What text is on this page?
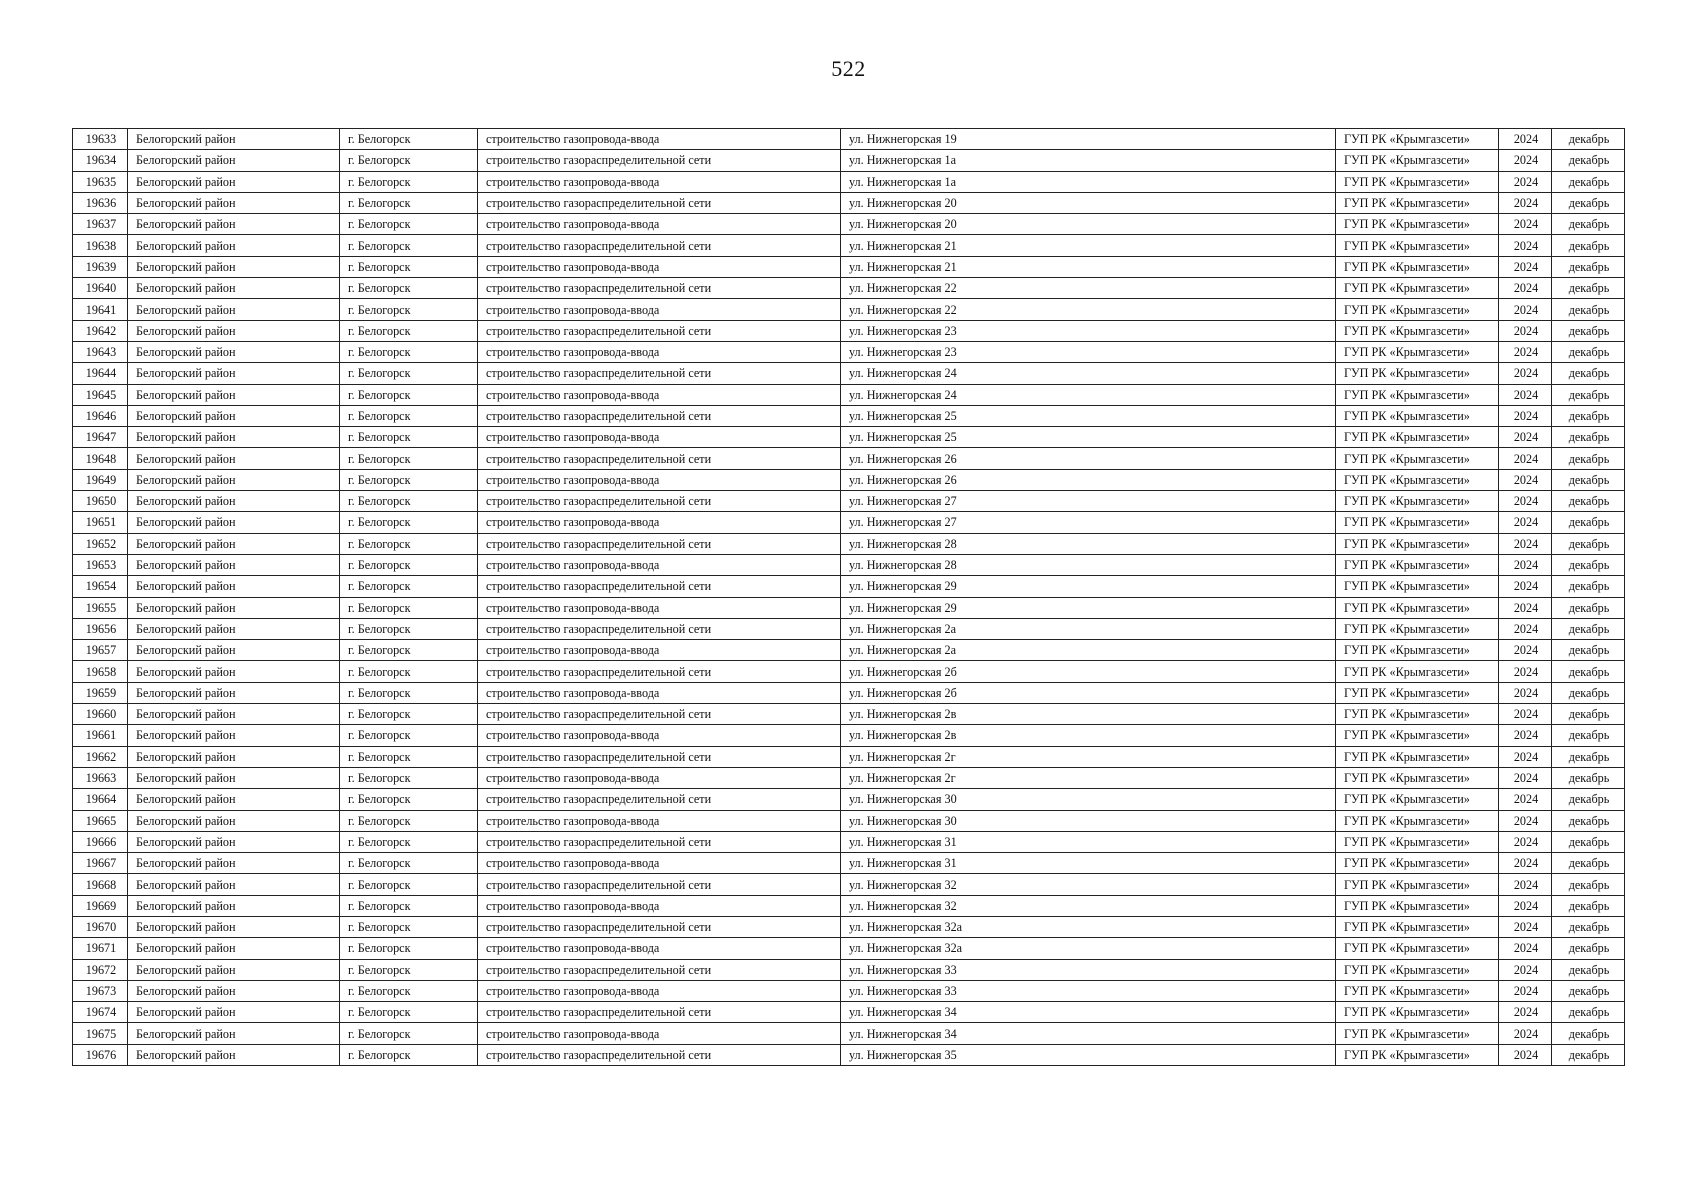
522
19633	Белогорский район	г. Белогорск	строительство газопровода-ввода	ул. Нижнегорская 19	ГУП РК «Крымгазсети»	2024	декабрь
19634	Белогорский район	г. Белогорск	строительство газораспределительной сети	ул. Нижнегорская 1а	ГУП РК «Крымгазсети»	2024	декабрь
19635	Белогорский район	г. Белогорск	строительство газопровода-ввода	ул. Нижнегорская 1а	ГУП РК «Крымгазсети»	2024	декабрь
19636	Белогорский район	г. Белогорск	строительство газораспределительной сети	ул. Нижнегорская 20	ГУП РК «Крымгазсети»	2024	декабрь
19637	Белогорский район	г. Белогорск	строительство газопровода-ввода	ул. Нижнегорская 20	ГУП РК «Крымгазсети»	2024	декабрь
19638	Белогорский район	г. Белогорск	строительство газораспределительной сети	ул. Нижнегорская 21	ГУП РК «Крымгазсети»	2024	декабрь
19639	Белогорский район	г. Белогорск	строительство газопровода-ввода	ул. Нижнегорская 21	ГУП РК «Крымгазсети»	2024	декабрь
19640	Белогорский район	г. Белогорск	строительство газораспределительной сети	ул. Нижнегорская 22	ГУП РК «Крымгазсети»	2024	декабрь
19641	Белогорский район	г. Белогорск	строительство газопровода-ввода	ул. Нижнегорская 22	ГУП РК «Крымгазсети»	2024	декабрь
19642	Белогорский район	г. Белогорск	строительство газораспределительной сети	ул. Нижнегорская 23	ГУП РК «Крымгазсети»	2024	декабрь
19643	Белогорский район	г. Белогорск	строительство газопровода-ввода	ул. Нижнегорская 23	ГУП РК «Крымгазсети»	2024	декабрь
19644	Белогорский район	г. Белогорск	строительство газораспределительной сети	ул. Нижнегорская 24	ГУП РК «Крымгазсети»	2024	декабрь
19645	Белогорский район	г. Белогорск	строительство газопровода-ввода	ул. Нижнегорская 24	ГУП РК «Крымгазсети»	2024	декабрь
19646	Белогорский район	г. Белогорск	строительство газораспределительной сети	ул. Нижнегорская 25	ГУП РК «Крымгазсети»	2024	декабрь
19647	Белогорский район	г. Белогорск	строительство газопровода-ввода	ул. Нижнегорская 25	ГУП РК «Крымгазсети»	2024	декабрь
19648	Белогорский район	г. Белогорск	строительство газораспределительной сети	ул. Нижнегорская 26	ГУП РК «Крымгазсети»	2024	декабрь
19649	Белогорский район	г. Белогорск	строительство газопровода-ввода	ул. Нижнегорская 26	ГУП РК «Крымгазсети»	2024	декабрь
19650	Белогорский район	г. Белогорск	строительство газораспределительной сети	ул. Нижнегорская 27	ГУП РК «Крымгазсети»	2024	декабрь
19651	Белогорский район	г. Белогорск	строительство газопровода-ввода	ул. Нижнегорская 27	ГУП РК «Крымгазсети»	2024	декабрь
19652	Белогорский район	г. Белогорск	строительство газораспределительной сети	ул. Нижнегорская 28	ГУП РК «Крымгазсети»	2024	декабрь
19653	Белогорский район	г. Белогорск	строительство газопровода-ввода	ул. Нижнегорская 28	ГУП РК «Крымгазсети»	2024	декабрь
19654	Белогорский район	г. Белогорск	строительство газораспределительной сети	ул. Нижнегорская 29	ГУП РК «Крымгазсети»	2024	декабрь
19655	Белогорский район	г. Белогорск	строительство газопровода-ввода	ул. Нижнегорская 29	ГУП РК «Крымгазсети»	2024	декабрь
19656	Белогорский район	г. Белогорск	строительство газораспределительной сети	ул. Нижнегорская 2а	ГУП РК «Крымгазсети»	2024	декабрь
19657	Белогорский район	г. Белогорск	строительство газопровода-ввода	ул. Нижнегорская 2а	ГУП РК «Крымгазсети»	2024	декабрь
19658	Белогорский район	г. Белогорск	строительство газораспределительной сети	ул. Нижнегорская 2б	ГУП РК «Крымгазсети»	2024	декабрь
19659	Белогорский район	г. Белогорск	строительство газопровода-ввода	ул. Нижнегорская 2б	ГУП РК «Крымгазсети»	2024	декабрь
19660	Белогорский район	г. Белогорск	строительство газораспределительной сети	ул. Нижнегорская 2в	ГУП РК «Крымгазсети»	2024	декабрь
19661	Белогорский район	г. Белогорск	строительство газопровода-ввода	ул. Нижнегорская 2в	ГУП РК «Крымгазсети»	2024	декабрь
19662	Белогорский район	г. Белогорск	строительство газораспределительной сети	ул. Нижнегорская 2г	ГУП РК «Крымгазсети»	2024	декабрь
19663	Белогорский район	г. Белогорск	строительство газопровода-ввода	ул. Нижнегорская 2г	ГУП РК «Крымгазсети»	2024	декабрь
19664	Белогорский район	г. Белогорск	строительство газораспределительной сети	ул. Нижнегорская 30	ГУП РК «Крымгазсети»	2024	декабрь
19665	Белогорский район	г. Белогорск	строительство газопровода-ввода	ул. Нижнегорская 30	ГУП РК «Крымгазсети»	2024	декабрь
19666	Белогорский район	г. Белогорск	строительство газораспределительной сети	ул. Нижнегорская 31	ГУП РК «Крымгазсети»	2024	декабрь
19667	Белогорский район	г. Белогорск	строительство газопровода-ввода	ул. Нижнегорская 31	ГУП РК «Крымгазсети»	2024	декабрь
19668	Белогорский район	г. Белогорск	строительство газораспределительной сети	ул. Нижнегорская 32	ГУП РК «Крымгазсети»	2024	декабрь
19669	Белогорский район	г. Белогорск	строительство газопровода-ввода	ул. Нижнегорская 32	ГУП РК «Крымгазсети»	2024	декабрь
19670	Белогорский район	г. Белогорск	строительство газораспределительной сети	ул. Нижнегорская 32а	ГУП РК «Крымгазсети»	2024	декабрь
19671	Белогорский район	г. Белогорск	строительство газопровода-ввода	ул. Нижнегорская 32а	ГУП РК «Крымгазсети»	2024	декабрь
19672	Белогорский район	г. Белогорск	строительство газораспределительной сети	ул. Нижнегорская 33	ГУП РК «Крымгазсети»	2024	декабрь
19673	Белогорский район	г. Белогорск	строительство газопровода-ввода	ул. Нижнегорская 33	ГУП РК «Крымгазсети»	2024	декабрь
19674	Белогорский район	г. Белогорск	строительство газораспределительной сети	ул. Нижнегорская 34	ГУП РК «Крымгазсети»	2024	декабрь
19675	Белогорский район	г. Белогорск	строительство газопровода-ввода	ул. Нижнегорская 34	ГУП РК «Крымгазсети»	2024	декабрь
19676	Белогорский район	г. Белогорск	строительство газораспределительной сети	ул. Нижнегорская 35	ГУП РК «Крымгазсети»	2024	декабрь
